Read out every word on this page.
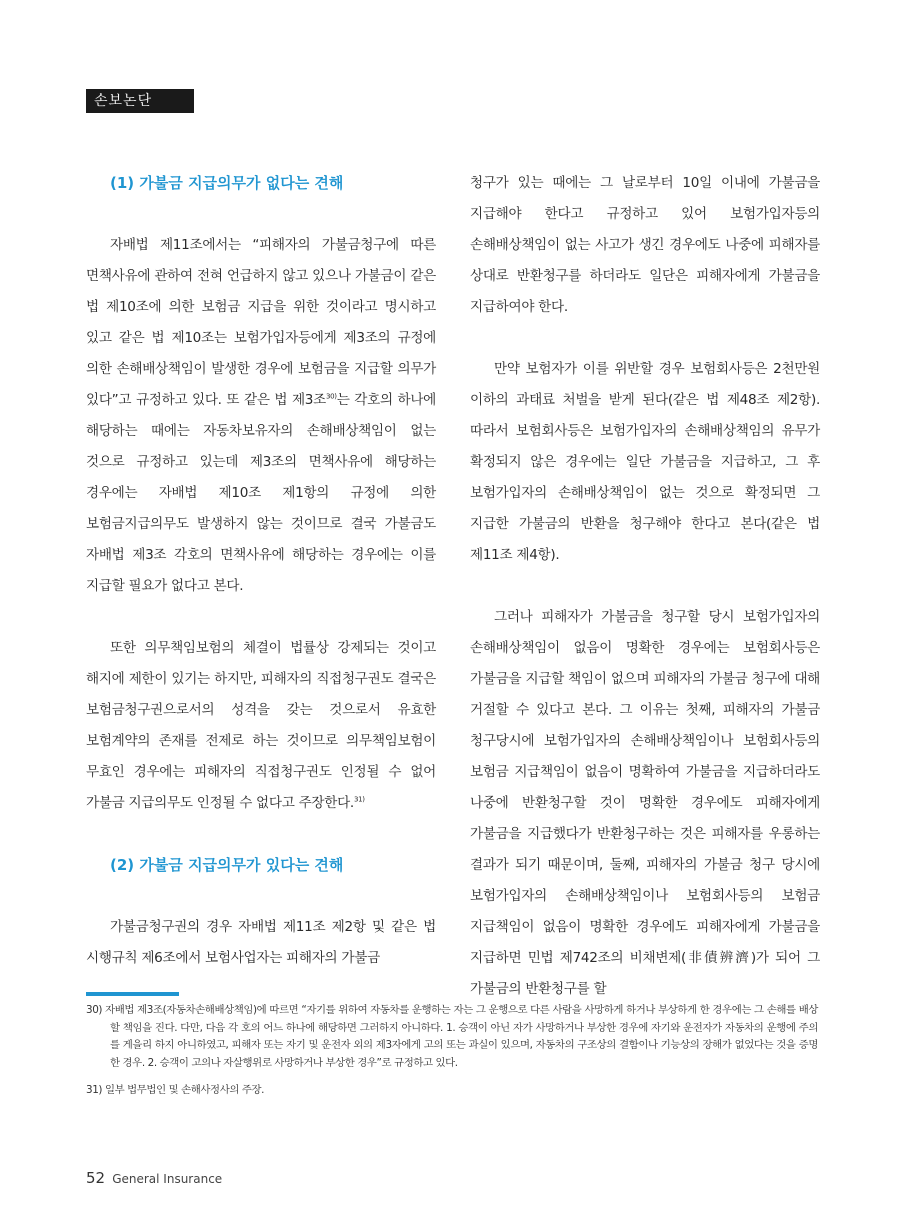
손보논단
(1) 가불금 지급의무가 없다는 견해

자배법 제11조에서는 “피해자의 가불금청구에 따른 면책사유에 관하여 전혀 언급하지 않고 있으나 가불금이 같은 법 제10조에 의한 보험금 지급을 위한 것이라고 명시하고 있고 같은 법 제10조는 보험가입자등에게 제3조의 규정에 의한 손해배상책임이 발생한 경우에 보험금을 지급할 의무가 있다”고 규정하고 있다. 또 같은 법 제3조$^{30)}$는 각호의 하나에 해당하는 때에는 자동차보유자의 손해배상책임이 없는 것으로 규정하고 있는데 제3조의 면책사유에 해당하는 경우에는 자배법 제10조 제1항의 규정에 의한 보험금지급의무도 발생하지 않는 것이므로 결국 가불금도 자배법 제3조 각호의 면책사유에 해당하는 경우에는 이를 지급할 필요가 없다고 본다.

또한 의무책임보험의 체결이 법률상 강제되는 것이고 해지에 제한이 있기는 하지만, 피해자의 직접청구권도 결국은 보험금청구권으로서의 성격을 갖는 것으로서 유효한 보험계약의 존재를 전제로 하는 것이므로 의무책임보험이 무효인 경우에는 피해자의 직접청구권도 인정될 수 없어 가불금 지급의무도 인정될 수 없다고 주장한다.$^{31)}$

(2) 가불금 지급의무가 있다는 견해

가불금청구권의 경우 자배법 제11조 제2항 및 같은 법 시행규칙 제6조에서 보험사업자는 피해자의 가불금

청구가 있는 때에는 그 날로부터 10일 이내에 가불금을 지급해야 한다고 규정하고 있어 보험가입자등의 손해배상책임이 없는 사고가 생긴 경우에도 나중에 피해자를 상대로 반환청구를 하더라도 일단은 피해자에게 가불금을 지급하여야 한다.

만약 보험자가 이를 위반할 경우 보험회사등은 2천만원 이하의 과태료 처벌을 받게 된다(같은 법 제48조 제2항). 따라서 보험회사등은 보험가입자의 손해배상책임의 유무가 확정되지 않은 경우에는 일단 가불금을 지급하고, 그 후 보험가입자의 손해배상책임이 없는 것으로 확정되면 그 지급한 가불금의 반환을 청구해야 한다고 본다(같은 법 제11조 제4항).

그러나 피해자가 가불금을 청구할 당시 보험가입자의 손해배상책임이 없음이 명확한 경우에는 보험회사등은 가불금을 지급할 책임이 없으며 피해자의 가불금 청구에 대해 거절할 수 있다고 본다. 그 이유는 첫째, 피해자의 가불금 청구당시에 보험가입자의 손해배상책임이나 보험회사등의 보험금 지급책임이 없음이 명확하여 가불금을 지급하더라도 나중에 반환청구할 것이 명확한 경우에도 피해자에게 가불금을 지급했다가 반환청구하는 것은 피해자를 우롱하는 결과가 되기 때문이며, 둘째, 피해자의 가불금 청구 당시에 보험가입자의 손해배상책임이나 보험회사등의 보험금 지급책임이 없음이 명확한 경우에도 피해자에게 가불금을 지급하면 민법 제742조의 비채변제(非債辨濟)가 되어 그 가불금의 반환청구를 할

30) 자배법 제3조(자동차손해배상책임)에 따르면 “자기를 위하여 자동차를 운행하는 자는 그 운행으로 다른 사람을 사망하게 하거나 부상하게 한 경우에는 그 손해를 배상할 책임을 진다. 다만, 다음 각 호의 어느 하나에 해당하면 그러하지 아니하다. 1. 승객이 아닌 자가 사망하거나 부상한 경우에 자기와 운전자가 자동차의 운행에 주의를 게을리 하지 아니하였고, 피해자 또는 자기 및 운전자 외의 제3자에게 고의 또는 과실이 있으며, 자동차의 구조상의 결함이나 기능상의 장해가 없었다는 것을 증명한 경우. 2. 승객이 고의나 자살행위로 사망하거나 부상한 경우”로 규정하고 있다.

31) 일부 법무법인 및 손해사정사의 주장.

52 General Insurance
